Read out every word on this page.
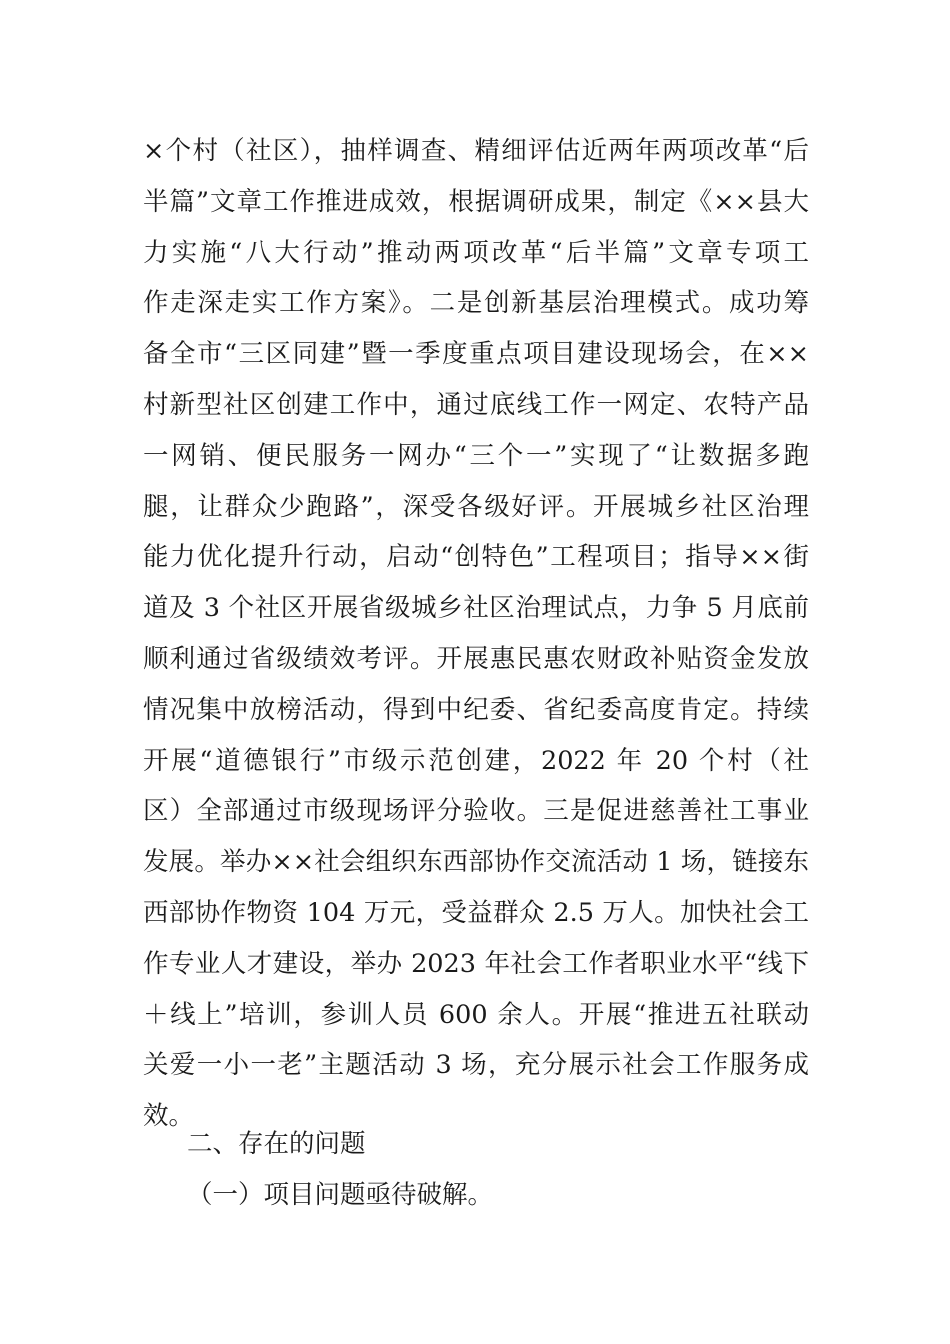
×个村（社区），抽样调查、精细评估近两年两项改革“后
半篇”文章工作推进成效，根据调研成果，制定《××县大
力实施“八大行动”推动两项改革“后半篇”文章专项工
作走深走实工作方案》。二是创新基层治理模式。成功筹
备全市“三区同建”暨一季度重点项目建设现场会，在××
村新型社区创建工作中，通过底线工作一网定、农特产品
一网销、便民服务一网办“三个一”实现了“让数据多跑
腿，让群众少跑路”，深受各级好评。开展城乡社区治理
能力优化提升行动，启动“创特色”工程项目；指导××街
道及 3 个社区开展省级城乡社区治理试点，力争 5 月底前
顺利通过省级绩效考评。开展惠民惠农财政补贴资金发放
情况集中放榜活动，得到中纪委、省纪委高度肯定。持续
开展“道德银行”市级示范创建，2022 年 20 个村（社
区）全部通过市级现场评分验收。三是促进慈善社工事业
发展。举办××社会组织东西部协作交流活动 1 场，链接东
西部协作物资 104 万元，受益群众 2.5 万人。加快社会工
作专业人才建设，举办 2023 年社会工作者职业水平“线下
＋线上”培训，参训人员 600 余人。开展“推进五社联动
关爱一小一老”主题活动 3 场，充分展示社会工作服务成
效。

二、存在的问题
（一）项目问题亟待破解。
